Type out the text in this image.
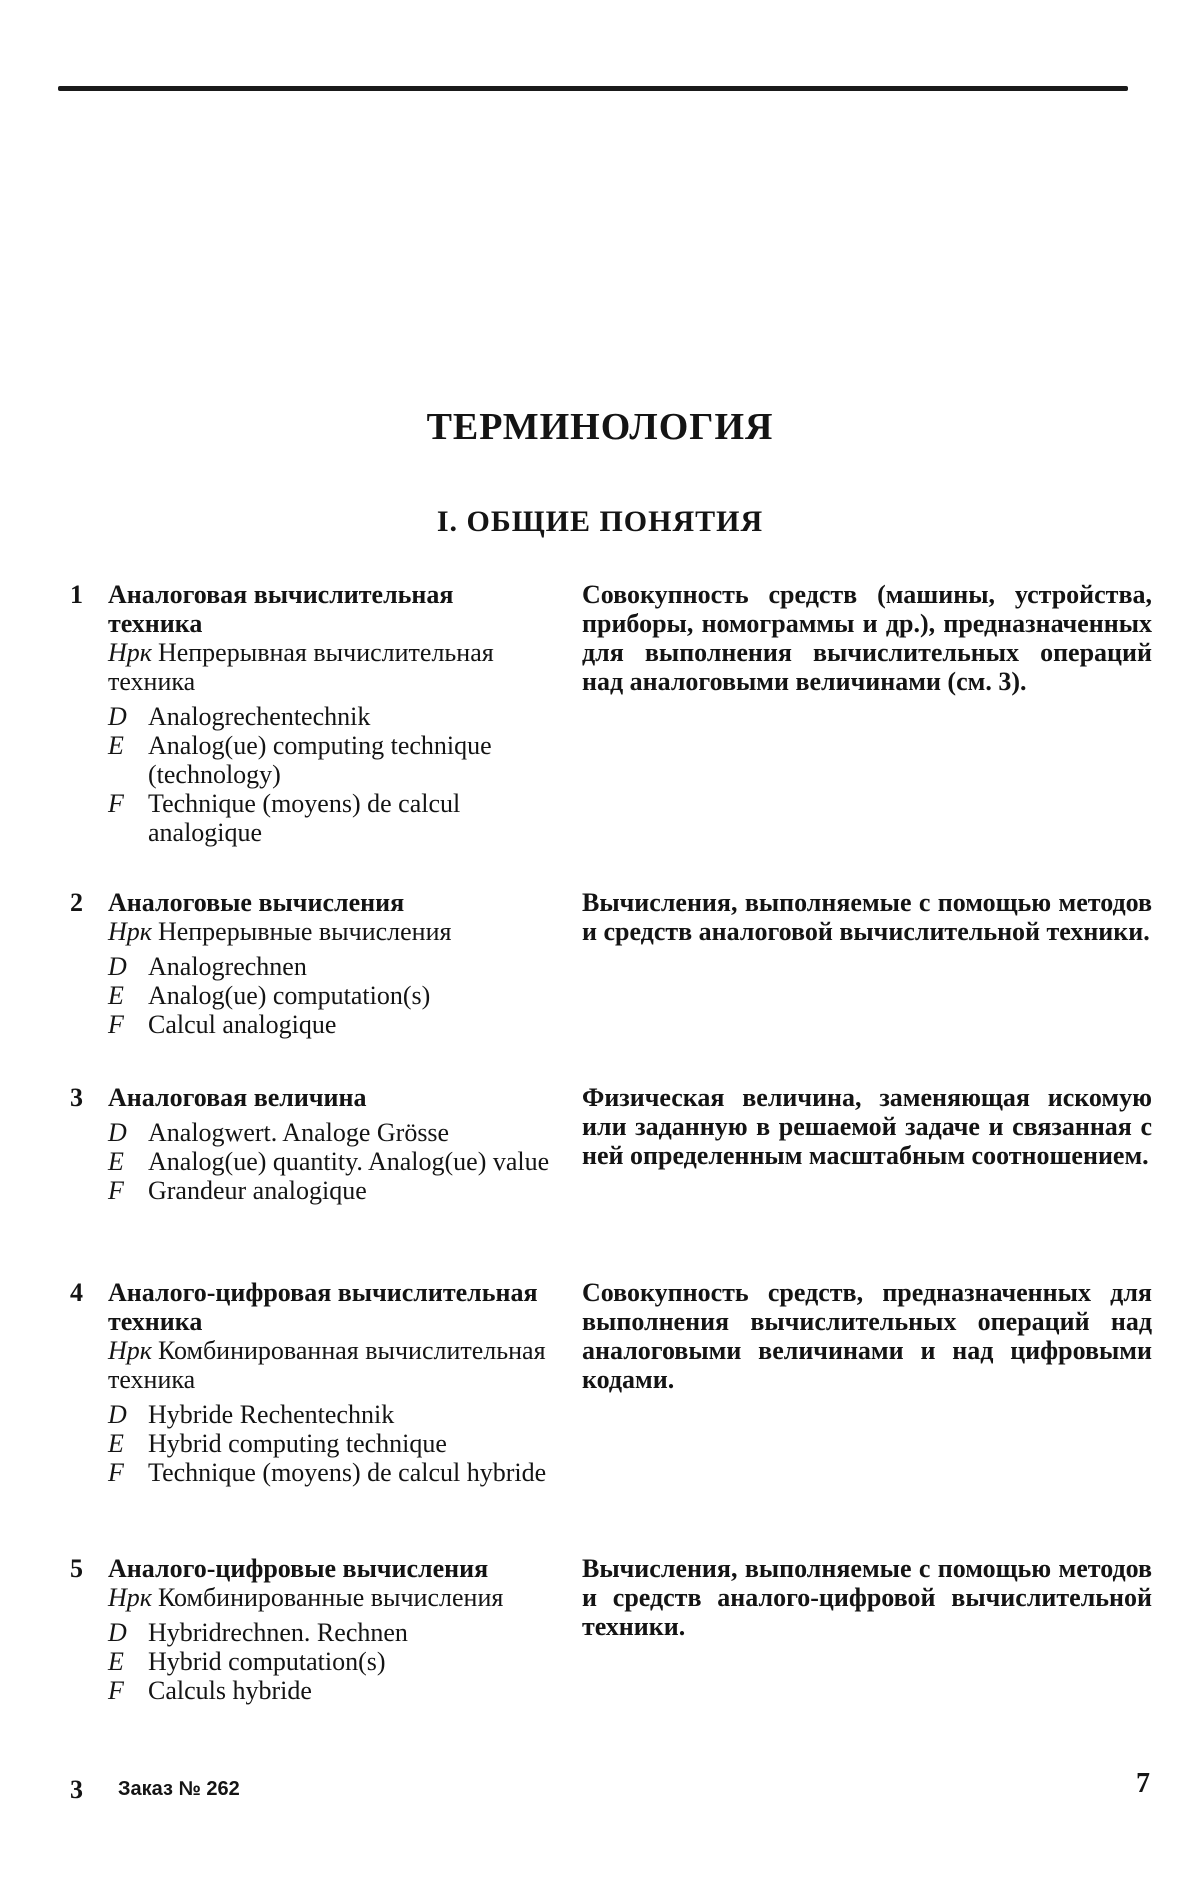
ТЕРМИНОЛОГИЯ
I. ОБЩИЕ ПОНЯТИЯ
1 Аналоговая вычислительная техника
Нрк Непрерывная вычислительная техника
D Analogrechentechnik
E Analog(ue) computing technique (technology)
F Technique (moyens) de calcul analogique
Совокупность средств (машины, устройства, приборы, номограммы и др.), предназначенных для выполнения вычислительных операций над аналоговыми величинами (см. 3).
2 Аналоговые вычисления
Нрк Непрерывные вычисления
D Analogrechnen
E Analog(ue) computation(s)
F Calcul analogique
Вычисления, выполняемые с помощью методов и средств аналоговой вычислительной техники.
3 Аналоговая величина
D Analogwert. Analoge Grösse
E Analog(ue) quantity. Analog(ue) value
F Grandeur analogique
Физическая величина, заменяющая искомую или заданную в решаемой задаче и связанная с ней определенным масштабным соотношением.
4 Аналого-цифровая вычислительная техника
Нрк Комбинированная вычислительная техника
D Hybride Rechentechnik
E Hybrid computing technique
F Technique (moyens) de calcul hybride
Совокупность средств, предназначенных для выполнения вычислительных операций над аналоговыми величинами и над цифровыми кодами.
5 Аналого-цифровые вычисления
Нрк Комбинированные вычисления
D Hybridrechnen. Rechnen
E Hybrid computation(s)
F Calculs hybride
Вычисления, выполняемые с помощью методов и средств аналого-цифровой вычислительной техники.
3 Заказ № 262	7
